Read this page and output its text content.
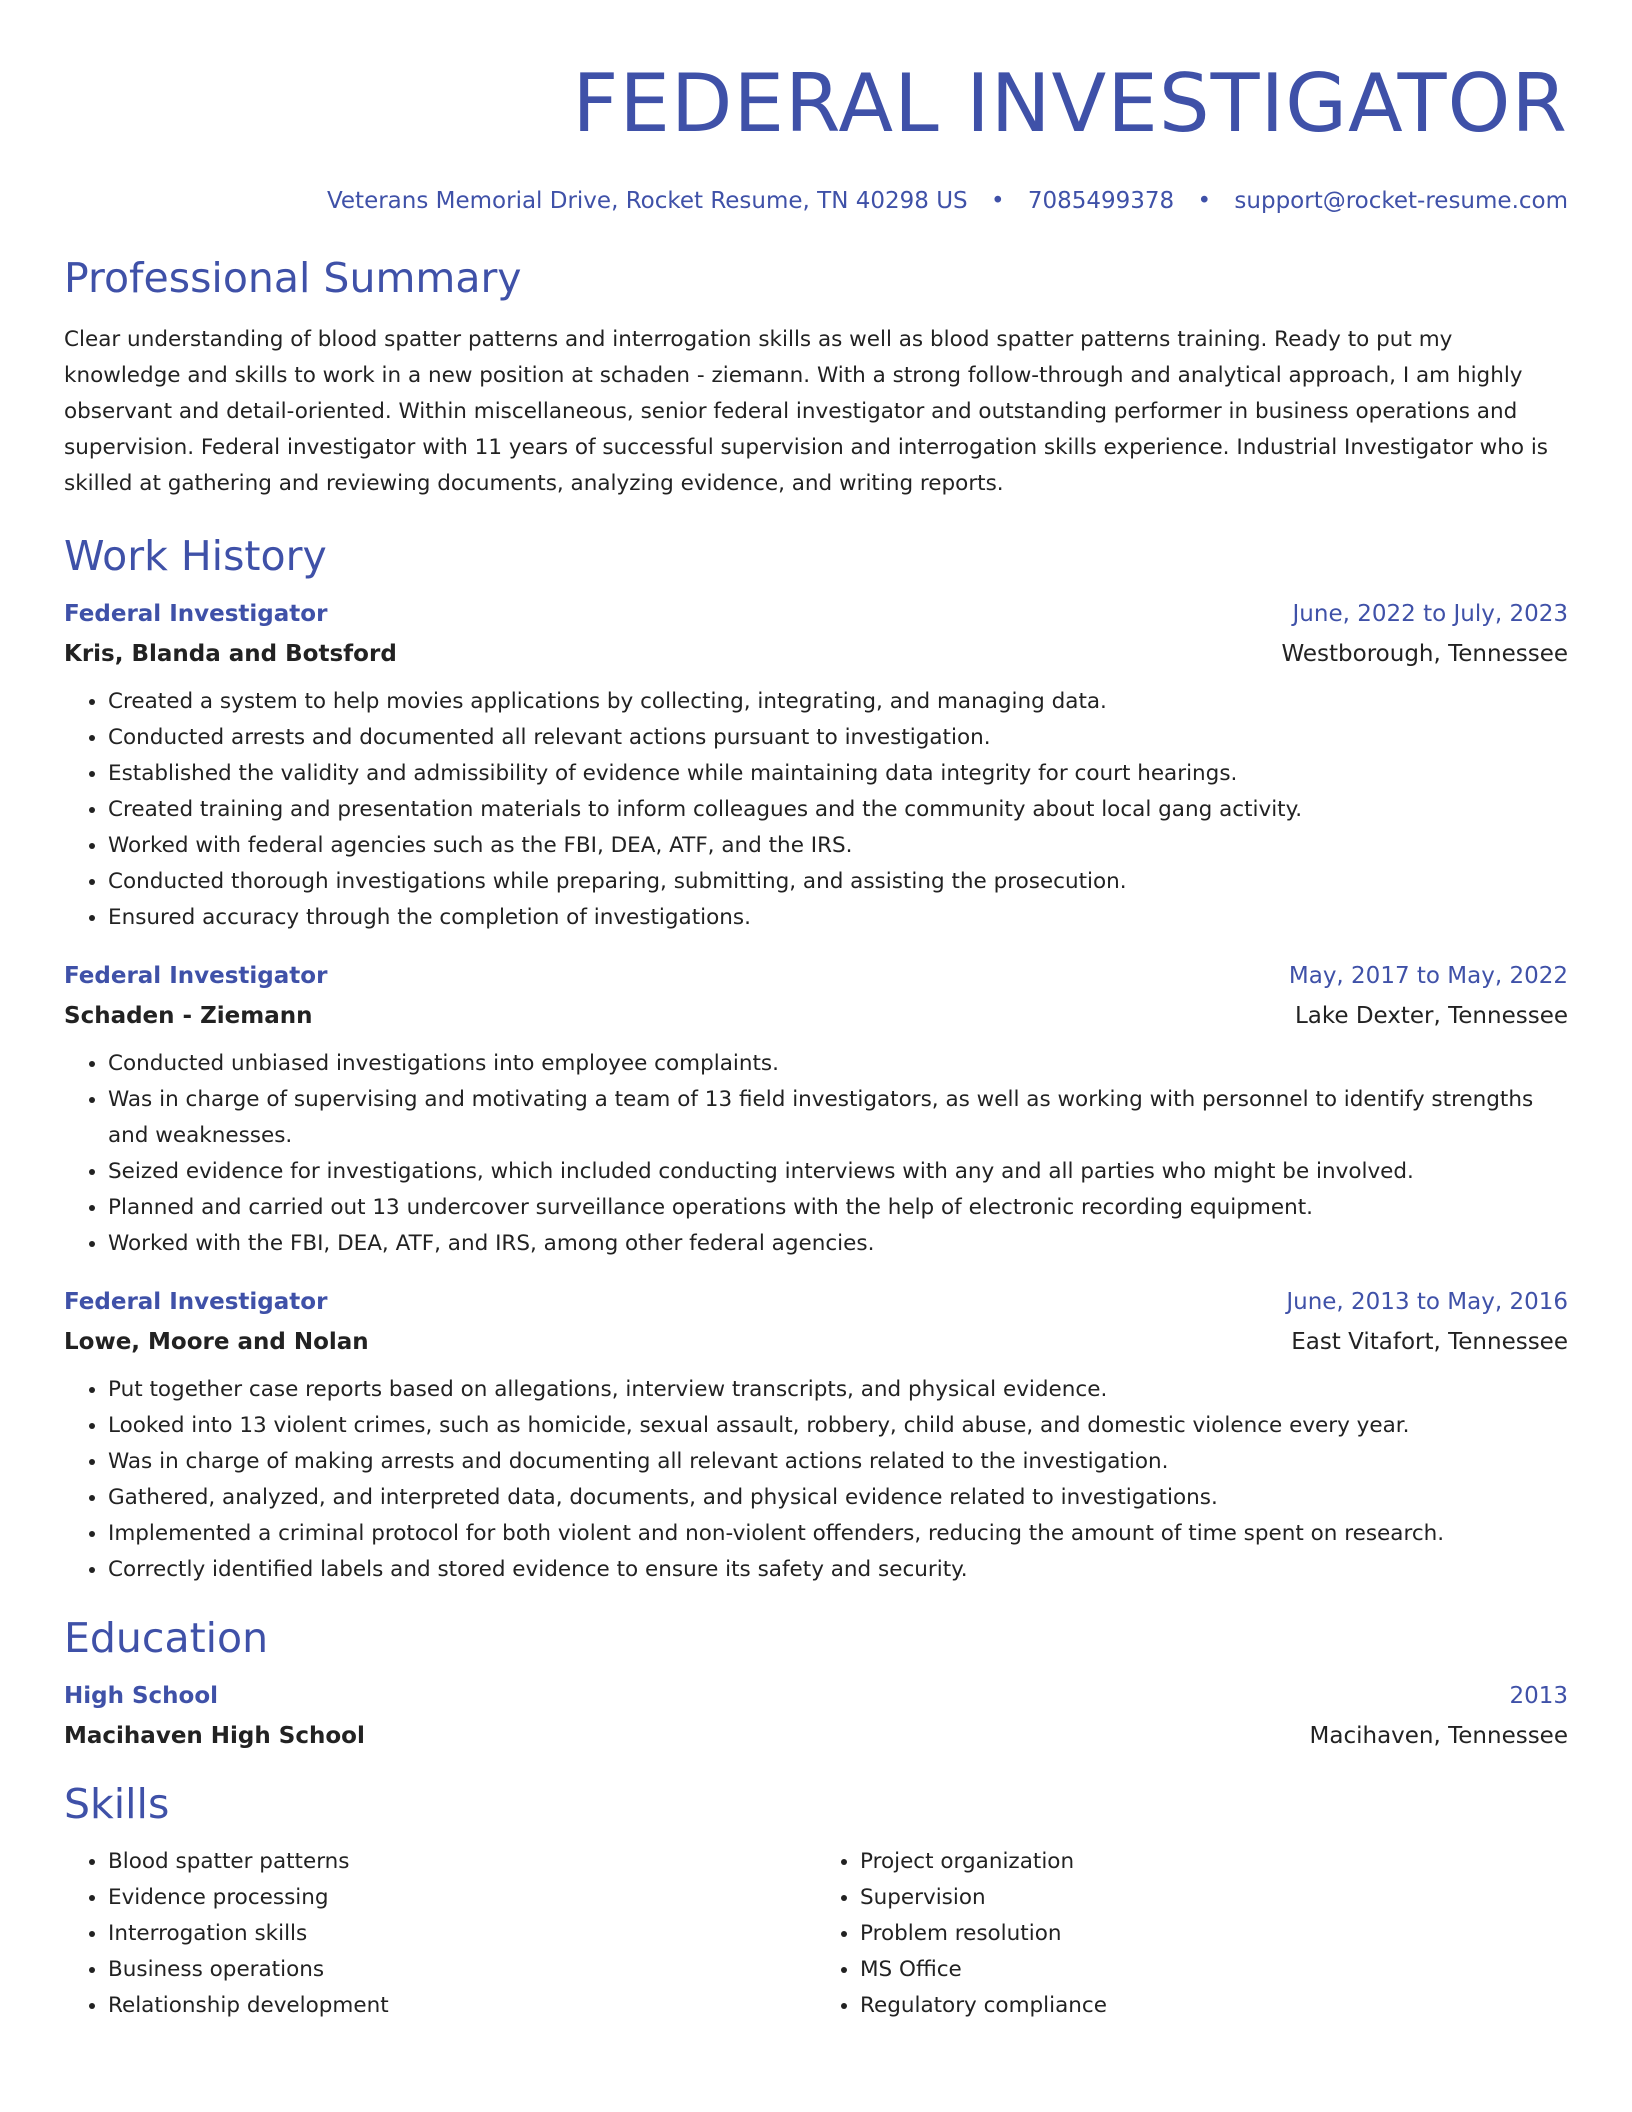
FEDERAL INVESTIGATOR
Veterans Memorial Drive, Rocket Resume, TN 40298 US • 7085499378 • support@rocket-resume.com
Professional Summary

Clear understanding of blood spatter patterns and interrogation skills as well as blood spatter patterns training. Ready to put my knowledge and skills to work in a new position at schaden - ziemann. With a strong follow-through and analytical approach, I am highly observant and detail-oriented. Within miscellaneous, senior federal investigator and outstanding performer in business operations and supervision. Federal investigator with 11 years of successful supervision and interrogation skills experience. Industrial Investigator who is skilled at gathering and reviewing documents, analyzing evidence, and writing reports.

Work History
Federal Investigator	June, 2022 to July, 2023
Kris, Blanda and Botsford	Westborough, Tennessee
• Created a system to help movies applications by collecting, integrating, and managing data.
• Conducted arrests and documented all relevant actions pursuant to investigation.
• Established the validity and admissibility of evidence while maintaining data integrity for court hearings.
• Created training and presentation materials to inform colleagues and the community about local gang activity.
• Worked with federal agencies such as the FBI, DEA, ATF, and the IRS.
• Conducted thorough investigations while preparing, submitting, and assisting the prosecution.
• Ensured accuracy through the completion of investigations.
Federal Investigator	May, 2017 to May, 2022
Schaden - Ziemann	Lake Dexter, Tennessee
• Conducted unbiased investigations into employee complaints.
• Was in charge of supervising and motivating a team of 13 field investigators, as well as working with personnel to identify strengths and weaknesses.
• Seized evidence for investigations, which included conducting interviews with any and all parties who might be involved.
• Planned and carried out 13 undercover surveillance operations with the help of electronic recording equipment.
• Worked with the FBI, DEA, ATF, and IRS, among other federal agencies.
Federal Investigator	June, 2013 to May, 2016
Lowe, Moore and Nolan	East Vitafort, Tennessee
• Put together case reports based on allegations, interview transcripts, and physical evidence.
• Looked into 13 violent crimes, such as homicide, sexual assault, robbery, child abuse, and domestic violence every year.
• Was in charge of making arrests and documenting all relevant actions related to the investigation.
• Gathered, analyzed, and interpreted data, documents, and physical evidence related to investigations.
• Implemented a criminal protocol for both violent and non-violent offenders, reducing the amount of time spent on research.
• Correctly identified labels and stored evidence to ensure its safety and security.
Education
High School	2013
Macihaven High School	Macihaven, Tennessee
Skills
• Blood spatter patterns
• Evidence processing
• Interrogation skills
• Business operations
• Relationship development
• Project organization
• Supervision
• Problem resolution
• MS Office
• Regulatory compliance
